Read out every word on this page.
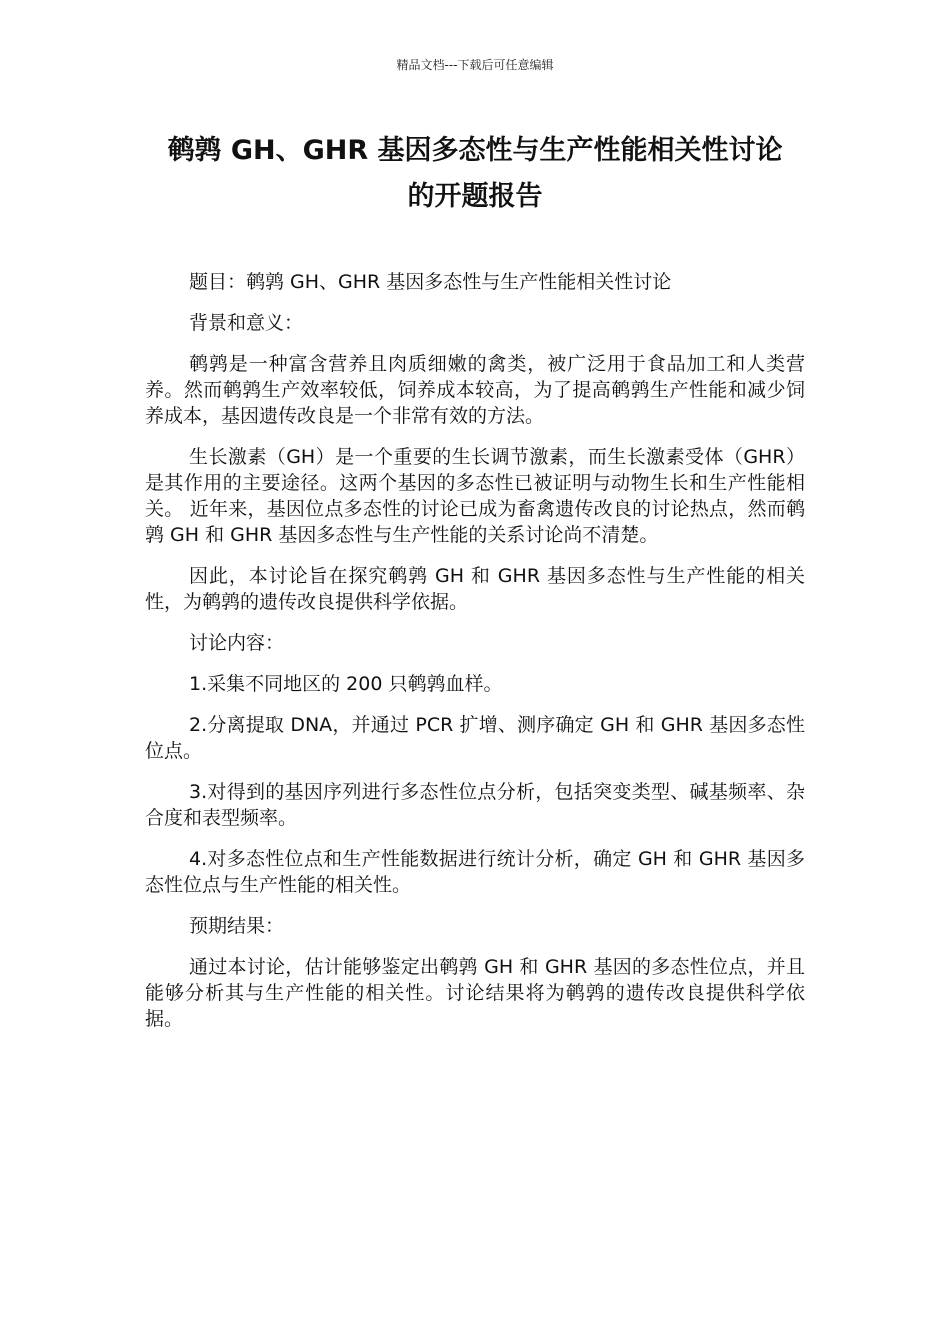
精品文档---下载后可任意编辑
鹌鹑 GH、GHR 基因多态性与生产性能相关性讨论
的开题报告

题目：鹌鹑 GH、GHR 基因多态性与生产性能相关性讨论

背景和意义：

鹌鹑是一种富含营养且肉质细嫩的禽类，被广泛用于食品加工和人类营养。然而鹌鹑生产效率较低，饲养成本较高，为了提高鹌鹑生产性能和减少饲养成本，基因遗传改良是一个非常有效的方法。

生长激素（GH）是一个重要的生长调节激素，而生长激素受体（GHR）是其作用的主要途径。这两个基因的多态性已被证明与动物生长和生产性能相关。 近年来，基因位点多态性的讨论已成为畜禽遗传改良的讨论热点，然而鹌鹑 GH 和 GHR 基因多态性与生产性能的关系讨论尚不清楚。

因此，本讨论旨在探究鹌鹑 GH 和 GHR 基因多态性与生产性能的相关性，为鹌鹑的遗传改良提供科学依据。

讨论内容：

1.采集不同地区的 200 只鹌鹑血样。

2.分离提取 DNA，并通过 PCR 扩增、测序确定 GH 和 GHR 基因多态性位点。

3.对得到的基因序列进行多态性位点分析，包括突变类型、碱基频率、杂合度和表型频率。

4.对多态性位点和生产性能数据进行统计分析，确定 GH 和 GHR 基因多态性位点与生产性能的相关性。

预期结果：

通过本讨论，估计能够鉴定出鹌鹑 GH 和 GHR 基因的多态性位点，并且能够分析其与生产性能的相关性。讨论结果将为鹌鹑的遗传改良提供科学依据。
